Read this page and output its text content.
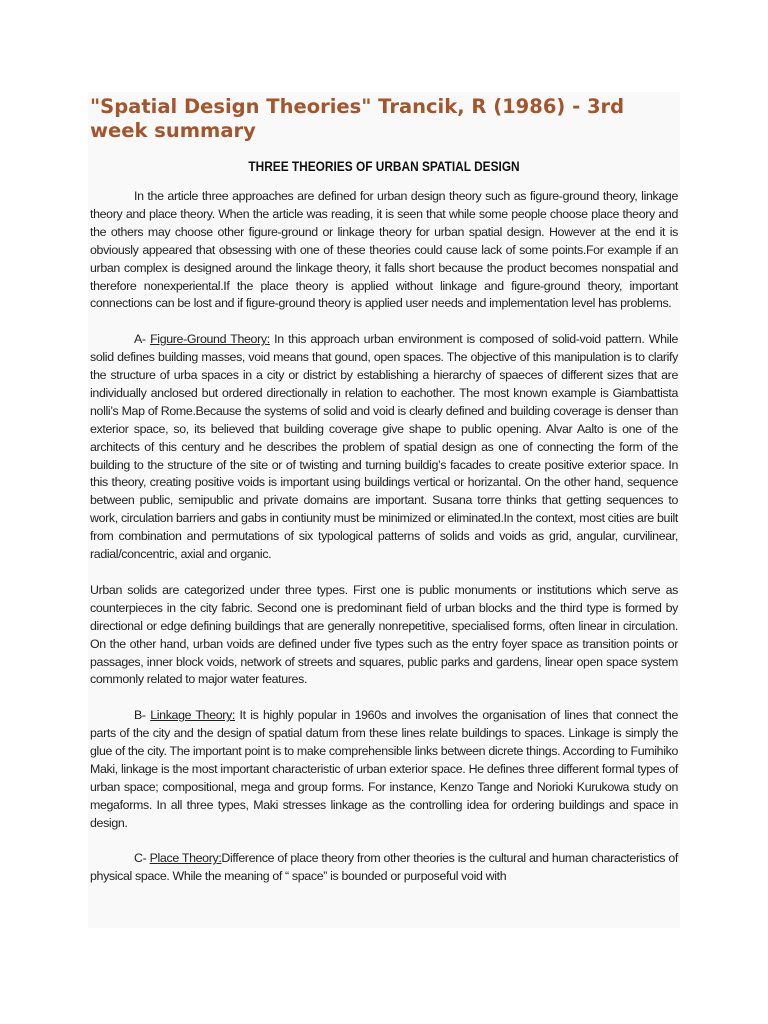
"Spatial Design Theories" Trancik, R (1986) - 3rd week summary
THREE THEORIES OF URBAN SPATIAL DESIGN

In the article three approaches are defined for urban design theory such as figure-ground theory, linkage theory and place theory. When the article was reading, it is seen that while some people choose place theory and the others may choose other figure-ground or linkage theory for urban spatial design. However at the end it is obviously appeared that obsessing with one of these theories could cause lack of some points.For example if an urban complex is designed around the linkage theory, it falls short because the product becomes nonspatial and therefore nonexperiental.If the place theory is applied without linkage and figure-ground theory, important connections can be lost and if figure-ground theory is applied user needs and implementation level has problems.

A- Figure-Ground Theory: In this approach urban environment is composed of solid-void pattern. While solid defines building masses, void means that gound, open spaces. The objective of this manipulation is to clarify the structure of urba spaces in a city or district by establishing a hierarchy of spaeces of different sizes that are individually anclosed but ordered directionally in relation to eachother. The most known example is Giambattista nolli’s Map of Rome.Because the systems of solid and void is clearly defined and building coverage is denser than exterior space, so, its believed that building coverage give shape to public opening. Alvar Aalto is one of the architects of this century and he describes the problem of spatial design as one of connecting the form of the building to the structure of the site or of twisting and turning buildig’s facades to create positive exterior space. In this theory, creating positive voids is important using buildings vertical or horizantal. On the other hand, sequence between public, semipublic and private domains are important. Susana torre thinks that getting sequences to work, circulation barriers and gabs in contiunity must be minimized or eliminated.In the context, most cities are built from combination and permutations of six typological patterns of solids and voids as grid, angular, curvilinear, radial/concentric, axial and organic.

Urban solids are categorized under three types. First one is public monuments or institutions which serve as counterpieces in the city fabric. Second one is predominant field of urban blocks and the third type is formed by directional or edge defining buildings that are generally nonrepetitive, specialised forms, often linear in circulation. On the other hand, urban voids are defined under five types such as the entry foyer space as transition points or passages, inner block voids, network of streets and squares, public parks and gardens, linear open space system commonly related to major water features.

B- Linkage Theory: It is highly popular in 1960s and involves the organisation of lines that connect the parts of the city and the design of spatial datum from these lines relate buildings to spaces. Linkage is simply the glue of the city. The important point is to make comprehensible links between dicrete things. According to Fumihiko Maki, linkage is the most important characteristic of urban exterior space. He defines three different formal types of urban space; compositional, mega and group forms. For instance, Kenzo Tange and Norioki Kurukowa study on megaforms. In all three types, Maki stresses linkage as the controlling idea for ordering buildings and space in design.

C- Place Theory:Difference of place theory from other theories is the cultural and human characteristics of physical space. While the meaning of “ space” is bounded or purposeful void with
